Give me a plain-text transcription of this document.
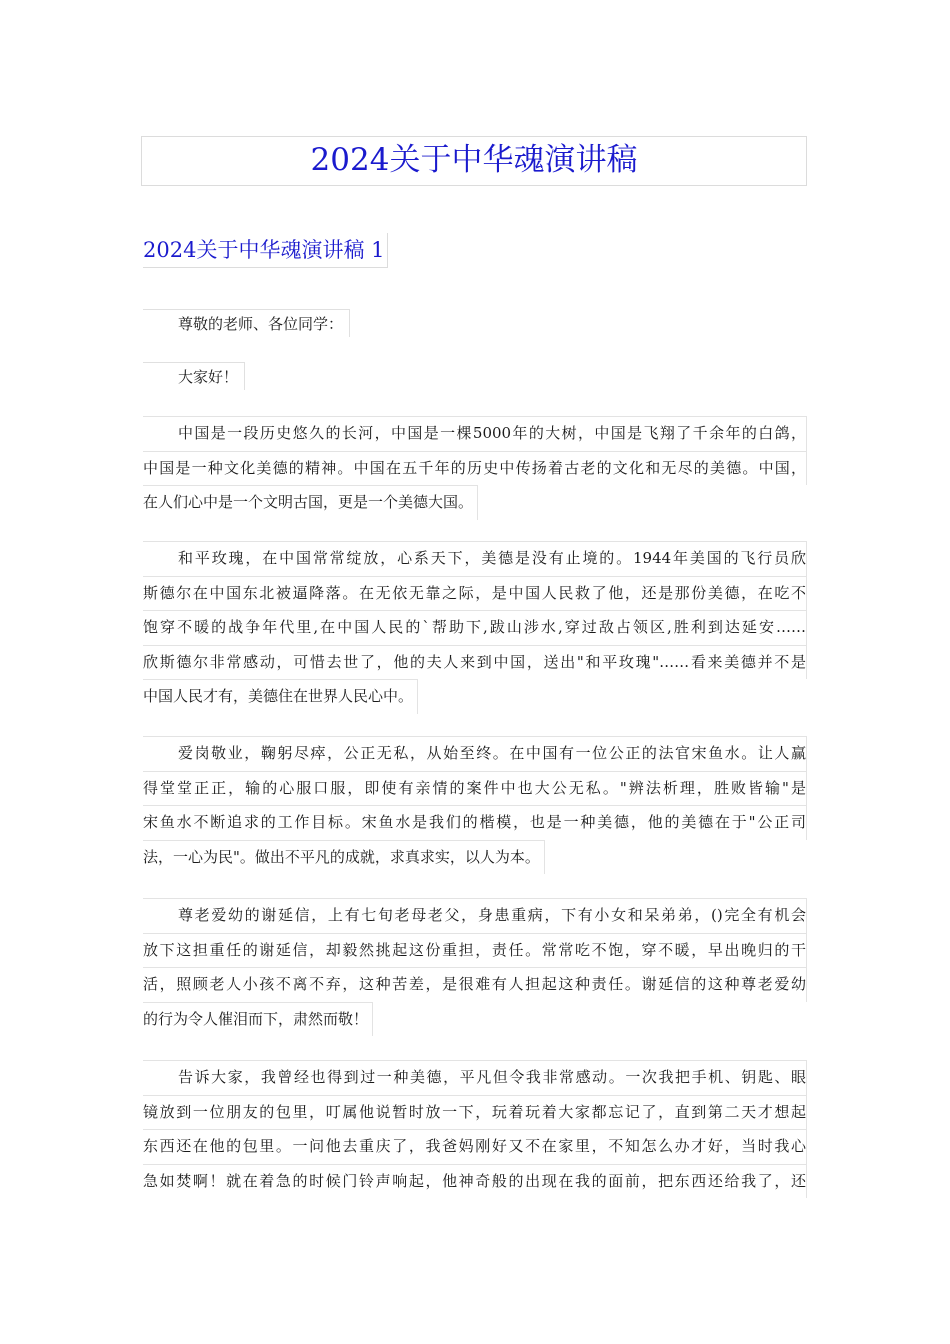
2024关于中华魂演讲稿
2024关于中华魂演讲稿 1
尊敬的老师、各位同学：
大家好！
中国是一段历史悠久的长河，中国是一棵5000年的大树，中国是飞翔了千余年的白鸽，
中国是一种文化美德的精神。中国在五千年的历史中传扬着古老的文化和无尽的美德。中国，
在人们心中是一个文明古国，更是一个美德大国。
和平玫瑰，在中国常常绽放，心系天下，美德是没有止境的。1944年美国的飞行员欣
斯德尔在中国东北被逼降落。在无依无靠之际，是中国人民救了他，还是那份美德，在吃不
饱穿不暖的战争年代里,在中国人民的`帮助下,跋山涉水,穿过敌占领区,胜利到达延安……
欣斯德尔非常感动，可惜去世了，他的夫人来到中国，送出"和平玫瑰"……看来美德并不是
中国人民才有，美德住在世界人民心中。
爱岗敬业，鞠躬尽瘁，公正无私，从始至终。在中国有一位公正的法官宋鱼水。让人赢
得堂堂正正，输的心服口服，即使有亲情的案件中也大公无私。"辨法析理，胜败皆输"是
宋鱼水不断追求的工作目标。宋鱼水是我们的楷模，也是一种美德，他的美德在于"公正司
法，一心为民"。做出不平凡的成就，求真求实，以人为本。
尊老爱幼的谢延信，上有七旬老母老父，身患重病，下有小女和呆弟弟，()完全有机会
放下这担重任的谢延信，却毅然挑起这份重担，责任。常常吃不饱，穿不暖，早出晚归的干
活，照顾老人小孩不离不弃，这种苦差，是很难有人担起这种责任。谢延信的这种尊老爱幼
的行为令人催泪而下，肃然而敬！
告诉大家，我曾经也得到过一种美德，平凡但令我非常感动。一次我把手机、钥匙、眼
镜放到一位朋友的包里，叮属他说暂时放一下，玩着玩着大家都忘记了，直到第二天才想起
东西还在他的包里。一问他去重庆了，我爸妈刚好又不在家里，不知怎么办才好，当时我心
急如焚啊！就在着急的时候门铃声响起，他神奇般的出现在我的面前，把东西还给我了，还
